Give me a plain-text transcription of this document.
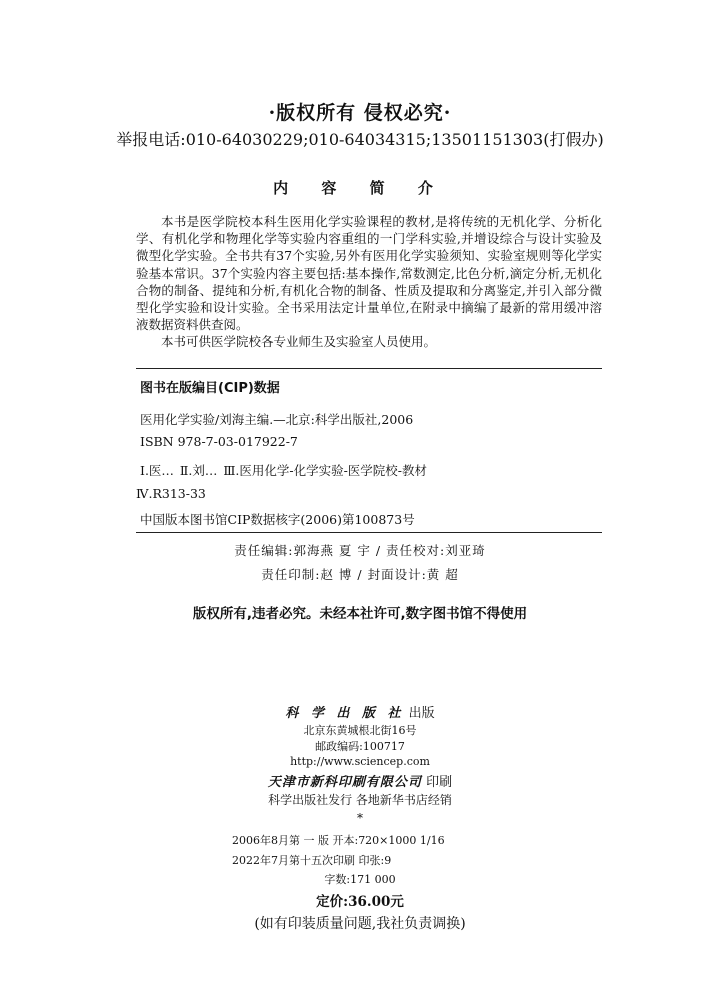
·版权所有 侵权必究·
举报电话:010-64030229;010-64034315;13501151303(打假办)
内 容 简 介

本书是医学院校本科生医用化学实验课程的教材,是将传统的无机化学、分析化学、有机化学和物理化学等实验内容重组的一门学科实验,并增设综合与设计实验及微型化学实验。全书共有37个实验,另外有医用化学实验须知、实验室规则等化学实验基本常识。37个实验内容主要包括:基本操作,常数测定,比色分析,滴定分析,无机化合物的制备、提纯和分析,有机化合物的制备、性质及提取和分离鉴定,并引入部分微型化学实验和设计实验。全书采用法定计量单位,在附录中摘编了最新的常用缓冲溶液数据资料供查阅。

本书可供医学院校各专业师生及实验室人员使用。

图书在版编目(CIP)数据
医用化学实验/刘海主编.—北京:科学出版社,2006
ISBN 978-7-03-017922-7
Ⅰ.医… Ⅱ.刘… Ⅲ.医用化学-化学实验-医学院校-教材
Ⅳ.R313-33
中国版本图书馆CIP数据核字(2006)第100873号
责任编辑:郭海燕 夏 宇 / 责任校对:刘亚琦
责任印制:赵 博 / 封面设计:黄 超
版权所有,违者必究。未经本社许可,数字图书馆不得使用
科 学 出 版 社 出版
北京东黄城根北街16号
邮政编码:100717
http://www.sciencep.com
天津市新科印刷有限公司 印刷
科学出版社发行 各地新华书店经销
*
2006年8月第 一 版 开本:720×1000 1/16
2022年7月第十五次印刷 印张:9
字数:171 000
定价:36.00元
(如有印装质量问题,我社负责调换)
